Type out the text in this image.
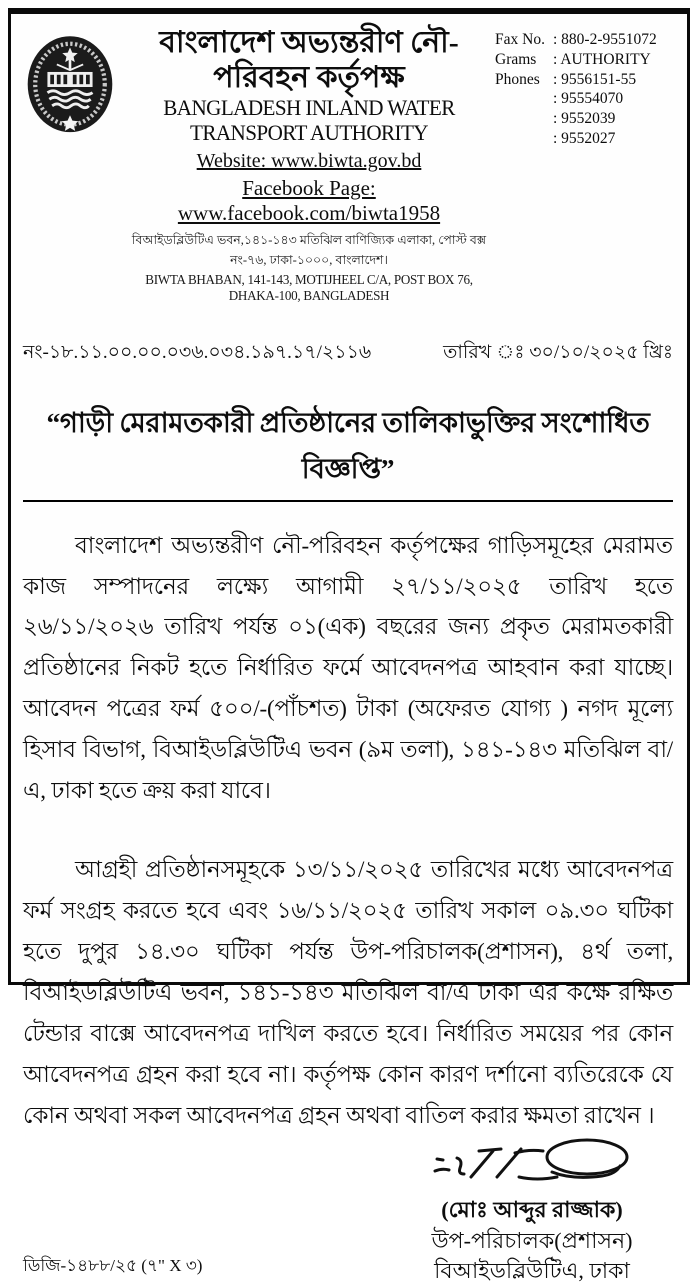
বাংলাদেশ অভ্যন্তরীণ নৌ-পরিবহন কর্তৃপক্ষ
BANGLADESH INLAND WATER TRANSPORT AUTHORITY
Website: www.biwta.gov.bd
Facebook Page: www.facebook.com/biwta1958
বিআইডব্লিউটিএ ভবন,১৪১-১৪৩ মতিঝিল বাণিজ্যিক এলাকা, পোস্ট বক্স নং-৭৬, ঢাকা-১০০০, বাংলাদেশ।
BIWTA BHABAN, 141-143, MOTIJHEEL C/A, POST BOX 76, DHAKA-100, BANGLADESH
Fax No. : 880-2-9551072
Grams	: AUTHORITY
Phones : 9556151-55
: 95554070
: 9552039
: 9552027
নং-১৮.১১.০০.০০.০৩৬.০৩৪.১৯৭.১৭/২১১৬	তারিখ ঃ ৩০/১০/২০২৫ খ্রিঃ
“গাড়ী মেরামতকারী প্রতিষ্ঠানের তালিকাভুক্তির সংশোধিত বিজ্ঞপ্তি”

বাংলাদেশ অভ্যন্তরীণ নৌ-পরিবহন কর্তৃপক্ষের গাড়িসমূহের মেরামত কাজ সম্পাদনের লক্ষ্যে আগামী ২৭/১১/২০২৫ তারিখ হতে ২৬/১১/২০২৬ তারিখ পর্যন্ত ০১(এক) বছরের জন্য প্রকৃত মেরামতকারী প্রতিষ্ঠানের নিকট হতে নির্ধারিত ফর্মে আবেদনপত্র আহবান করা যাচ্ছে। আবেদন পত্রের ফর্ম ৫০০/-(পাঁচশত) টাকা (অফেরত যোগ্য ) নগদ মূল্যে হিসাব বিভাগ, বিআইডব্লিউটিএ ভবন (৯ম তলা), ১৪১-১৪৩ মতিঝিল বা/এ, ঢাকা হতে ক্রয় করা যাবে।

আগ্রহী প্রতিষ্ঠানসমূহকে ১৩/১১/২০২৫ তারিখের মধ্যে আবেদনপত্র ফর্ম সংগ্রহ করতে হবে এবং ১৬/১১/২০২৫ তারিখ সকাল ০৯.৩০ ঘটিকা হতে দুপুর ১৪.৩০ ঘটিকা পর্যন্ত উপ-পরিচালক(প্রশাসন), ৪র্থ তলা, বিআইডব্লিউটিএ ভবন, ১৪১-১৪৩ মতিঝিল বা/এ ঢাকা এর কক্ষে রক্ষিত টেন্ডার বাক্সে আবেদনপত্র দাখিল করতে হবে। নির্ধারিত সময়ের পর কোন আবেদনপত্র গ্রহন করা হবে না। কর্তৃপক্ষ কোন কারণ দর্শানো ব্যতিরেকে যে কোন অথবা সকল আবেদনপত্র গ্রহন অথবা বাতিল করার ক্ষমতা রাখেন ।

ডিজি-১৪৮৮/২৫ (৭" X ৩)
(মোঃ আব্দুর রাজ্জাক)
উপ-পরিচালক(প্রশাসন)
বিআইডব্লিউটিএ, ঢাকা
